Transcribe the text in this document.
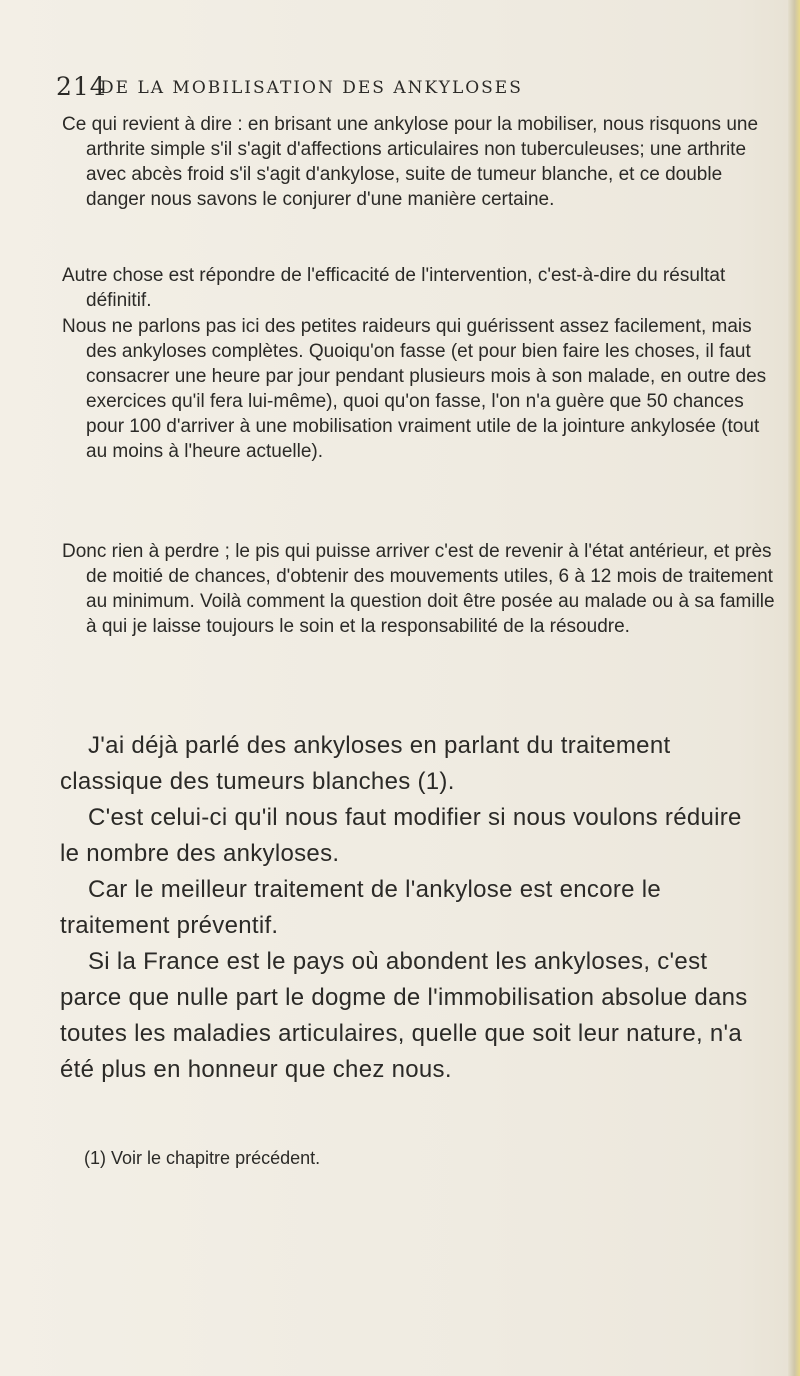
214
DE LA MOBILISATION DES ANKYLOSES

Ce qui revient à dire : en brisant une ankylose pour la mobiliser, nous risquons une arthrite simple s'il s'agit d'affections articulaires non tuberculeuses; une arthrite avec abcès froid s'il s'agit d'ankylose, suite de tumeur blanche, et ce double danger nous savons le conjurer d'une manière certaine.

Autre chose est répondre de l'efficacité de l'intervention, c'est-à-dire du résultat définitif.

Nous ne parlons pas ici des petites raideurs qui guérissent assez facilement, mais des ankyloses complètes. Quoiqu'on fasse (et pour bien faire les choses, il faut consacrer une heure par jour pendant plusieurs mois à son malade, en outre des exercices qu'il fera lui-même), quoi qu'on fasse, l'on n'a guère que 50 chances pour 100 d'arriver à une mobilisation vraiment utile de la jointure ankylosée (tout au moins à l'heure actuelle).

Donc rien à perdre ; le pis qui puisse arriver c'est de revenir à l'état antérieur, et près de moitié de chances, d'obtenir des mouvements utiles, 6 à 12 mois de traitement au minimum. Voilà comment la question doit être posée au malade ou à sa famille à qui je laisse toujours le soin et la responsabilité de la résoudre.

J'ai déjà parlé des ankyloses en parlant du traitement classique des tumeurs blanches (1).

C'est celui-ci qu'il nous faut modifier si nous voulons réduire le nombre des ankyloses.

Car le meilleur traitement de l'ankylose est encore le traitement préventif.

Si la France est le pays où abondent les ankyloses, c'est parce que nulle part le dogme de l'immobilisation absolue dans toutes les maladies articulaires, quelle que soit leur nature, n'a été plus en honneur que chez nous.

(1) Voir le chapitre précédent.
